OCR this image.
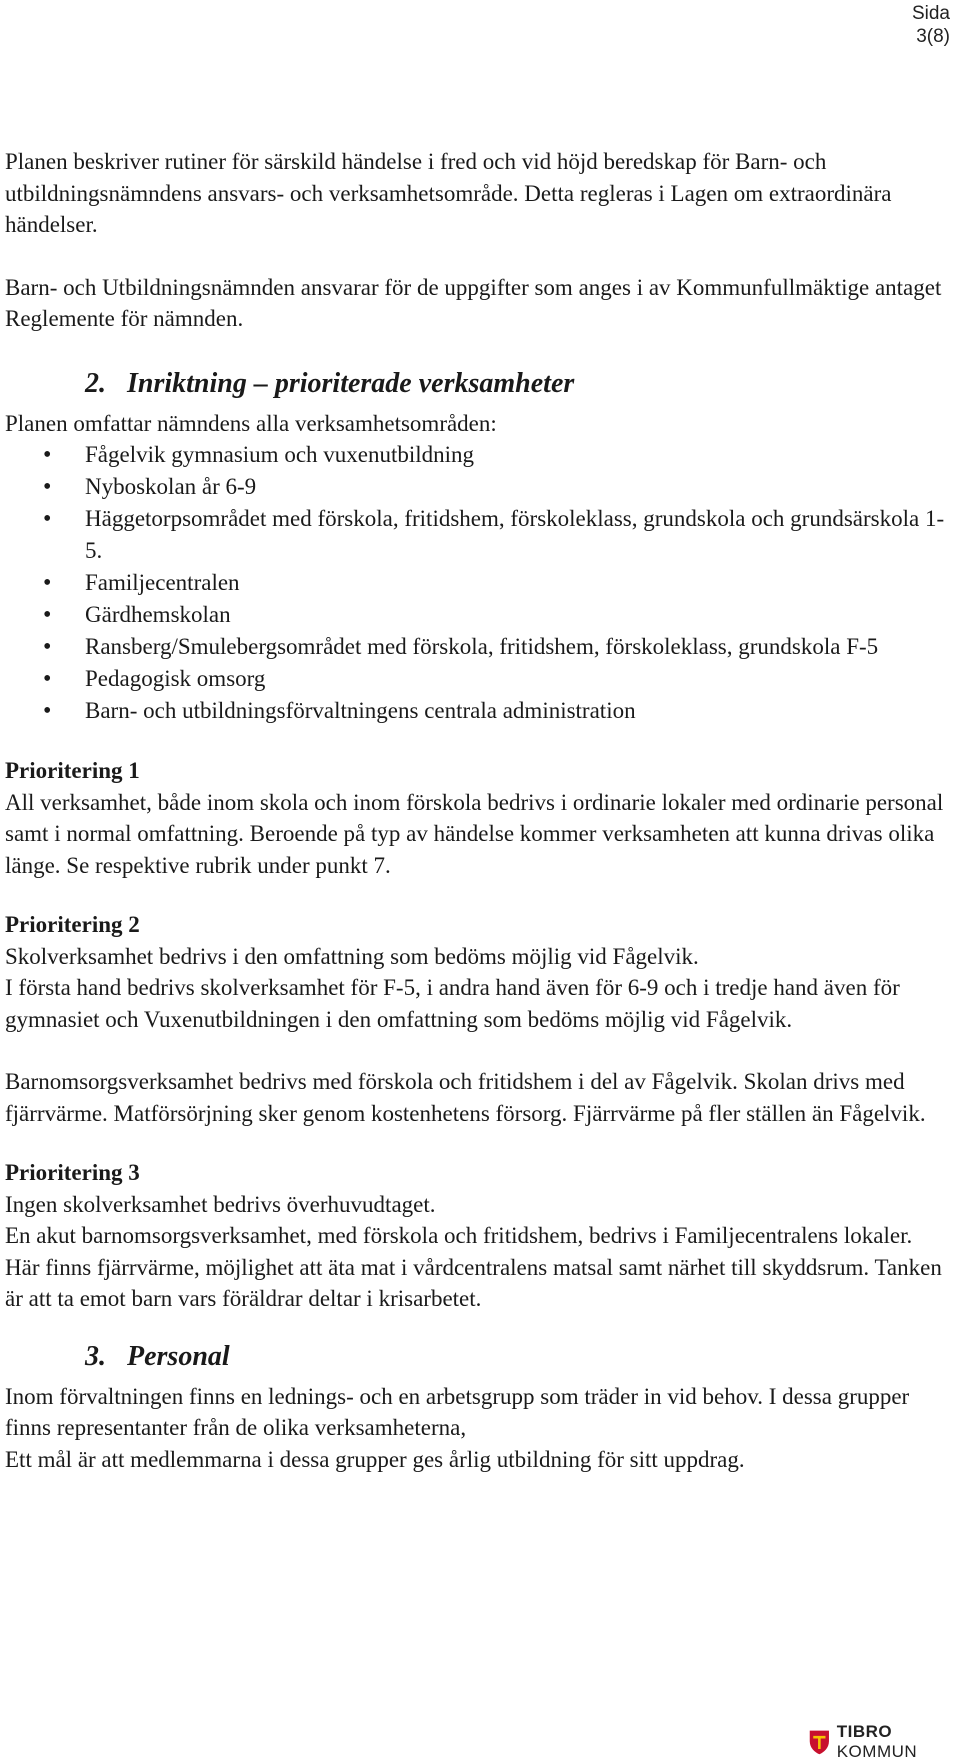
Sida
3(8)

Planen beskriver rutiner för särskild händelse i fred och vid höjd beredskap för Barn- och utbildningsnämndens ansvars- och verksamhetsområde. Detta regleras i Lagen om extraordinära händelser.

Barn- och Utbildningsnämnden ansvarar för de uppgifter som anges i av Kommunfullmäktige antaget Reglemente för nämnden.

2. Inriktning – prioriterade verksamheter

Planen omfattar nämndens alla verksamhetsområden:

• Fågelvik gymnasium och vuxenutbildning
• Nyboskolan år 6-9
• Häggetorpsområdet med förskola, fritidshem, förskoleklass, grundskola och grundsärskola 1-5.
• Familjecentralen
• Gärdhemskolan
• Ransberg/Smulebergsområdet med förskola, fritidshem, förskoleklass, grundskola F-5
• Pedagogisk omsorg
• Barn- och utbildningsförvaltningens centrala administration

Prioritering 1

All verksamhet, både inom skola och inom förskola bedrivs i ordinarie lokaler med ordinarie personal samt i normal omfattning. Beroende på typ av händelse kommer verksamheten att kunna drivas olika länge. Se respektive rubrik under punkt 7.

Prioritering 2

Skolverksamhet bedrivs i den omfattning som bedöms möjlig vid Fågelvik.

I första hand bedrivs skolverksamhet för F-5, i andra hand även för 6-9 och i tredje hand även för gymnasiet och Vuxenutbildningen i den omfattning som bedöms möjlig vid Fågelvik.

Barnomsorgsverksamhet bedrivs med förskola och fritidshem i del av Fågelvik. Skolan drivs med fjärrvärme. Matförsörjning sker genom kostenhetens försorg. Fjärrvärme på fler ställen än Fågelvik.

Prioritering 3

Ingen skolverksamhet bedrivs överhuvudtaget.

En akut barnomsorgsverksamhet, med förskola och fritidshem, bedrivs i Familjecentralens lokaler. Här finns fjärrvärme, möjlighet att äta mat i vårdcentralens matsal samt närhet till skyddsrum. Tanken är att ta emot barn vars föräldrar deltar i krisarbetet.

3. Personal

Inom förvaltningen finns en lednings- och en arbetsgrupp som träder in vid behov. I dessa grupper finns representanter från de olika verksamheterna,

Ett mål är att medlemmarna i dessa grupper ges årlig utbildning för sitt uppdrag.

TIBRO KOMMUN
